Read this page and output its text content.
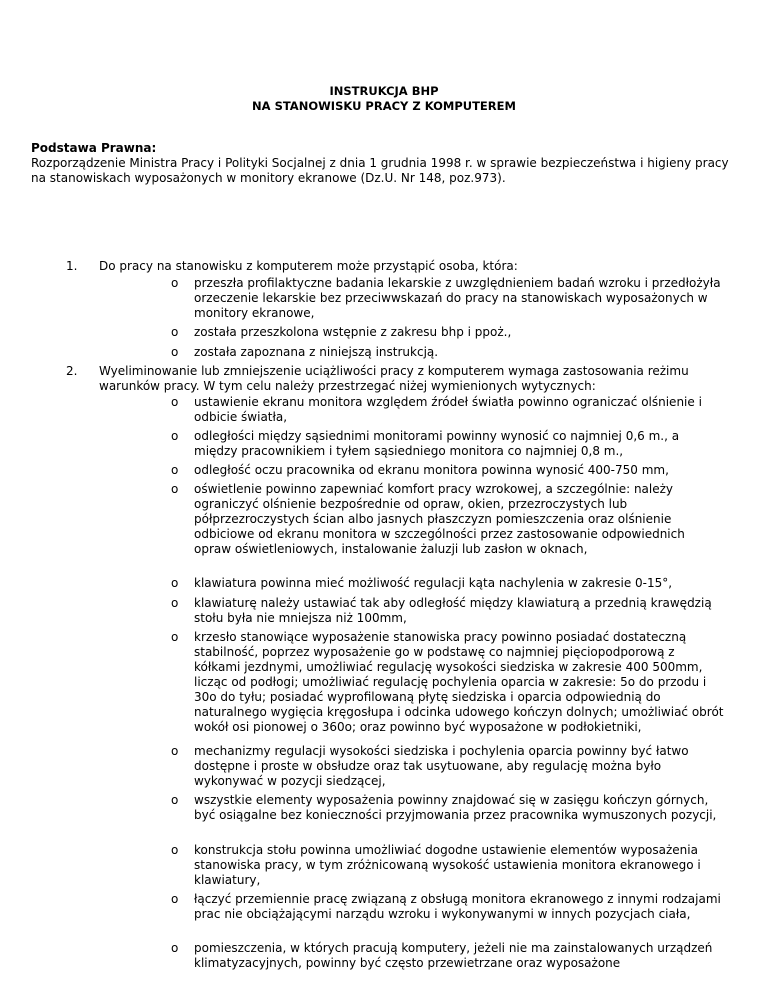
INSTRUKCJA BHP
NA STANOWISKU PRACY Z KOMPUTEREM
Podstawa Prawna:
Rozporządzenie Ministra Pracy i Polityki Socjalnej z dnia 1 grudnia 1998 r. w sprawie bezpieczeństwa i higieny pracy na stanowiskach wyposażonych w monitory ekranowe (Dz.U. Nr 148, poz.973).
1. Do pracy na stanowisku z komputerem może przystąpić osoba, która:
o przeszła profilaktyczne badania lekarskie z uwzględnieniem badań wzroku i przedłożyła orzeczenie lekarskie bez przeciwwskazań do pracy na stanowiskach wyposażonych w monitory ekranowe,
o została przeszkolona wstępnie z zakresu bhp i ppoż.,
o została zapoznana z niniejszą instrukcją.
2. Wyeliminowanie lub zmniejszenie uciążliwości pracy z komputerem wymaga zastosowania reżimu warunków pracy. W tym celu należy przestrzegać niżej wymienionych wytycznych:
o ustawienie ekranu monitora względem źródeł światła powinno ograniczać olśnienie i odbicie światła,
o odległości między sąsiednimi monitorami powinny wynosić co najmniej 0,6 m., a między pracownikiem i tyłem sąsiedniego monitora co najmniej 0,8 m.,
o odległość oczu pracownika od ekranu monitora powinna wynosić 400-750 mm,
o oświetlenie powinno zapewniać komfort pracy wzrokowej, a szczególnie: należy ograniczyć olśnienie bezpośrednie od opraw, okien, przezroczystych lub półprzezroczystych ścian albo jasnych płaszczyzn pomieszczenia oraz olśnienie odbiciowe od ekranu monitora w szczególności przez zastosowanie odpowiednich opraw oświetleniowych, instalowanie żaluzji lub zasłon w oknach,
o klawiatura powinna mieć możliwość regulacji kąta nachylenia w zakresie 0-15°,
o klawiaturę należy ustawiać tak aby odległość między klawiaturą a przednią krawędzią stołu była nie mniejsza niż 100mm,
o krzesło stanowiące wyposażenie stanowiska pracy powinno posiadać dostateczną stabilność, poprzez wyposażenie go w podstawę co najmniej pięciopodporową z kółkami jezdnymi, umożliwiać regulację wysokości siedziska w zakresie 400 500mm, licząc od podłogi; umożliwiać regulację pochylenia oparcia w zakresie: 5o do przodu i 30o do tyłu; posiadać wyprofilowaną płytę siedziska i oparcia odpowiednią do naturalnego wygięcia kręgosłupa i odcinka udowego kończyn dolnych; umożliwiać obrót wokół osi pionowej o 360o; oraz powinno być wyposażone w podłokietniki,
o mechanizmy regulacji wysokości siedziska i pochylenia oparcia powinny być łatwo dostępne i proste w obsłudze oraz tak usytuowane, aby regulację można było wykonywać w pozycji siedzącej,
o wszystkie elementy wyposażenia powinny znajdować się w zasięgu kończyn górnych, być osiągalne bez konieczności przyjmowania przez pracownika wymuszonych pozycji,
o konstrukcja stołu powinna umożliwiać dogodne ustawienie elementów wyposażenia stanowiska pracy, w tym zróżnicowaną wysokość ustawienia monitora ekranowego i klawiatury,
o łączyć przemiennie pracę związaną z obsługą monitora ekranowego z innymi rodzajami prac nie obciążającymi narządu wzroku i wykonywanymi w innych pozycjach ciała,
o pomieszczenia, w których pracują komputery, jeżeli nie ma zainstalowanych urządzeń klimatyzacyjnych, powinny być często przewietrzane oraz wyposażone
